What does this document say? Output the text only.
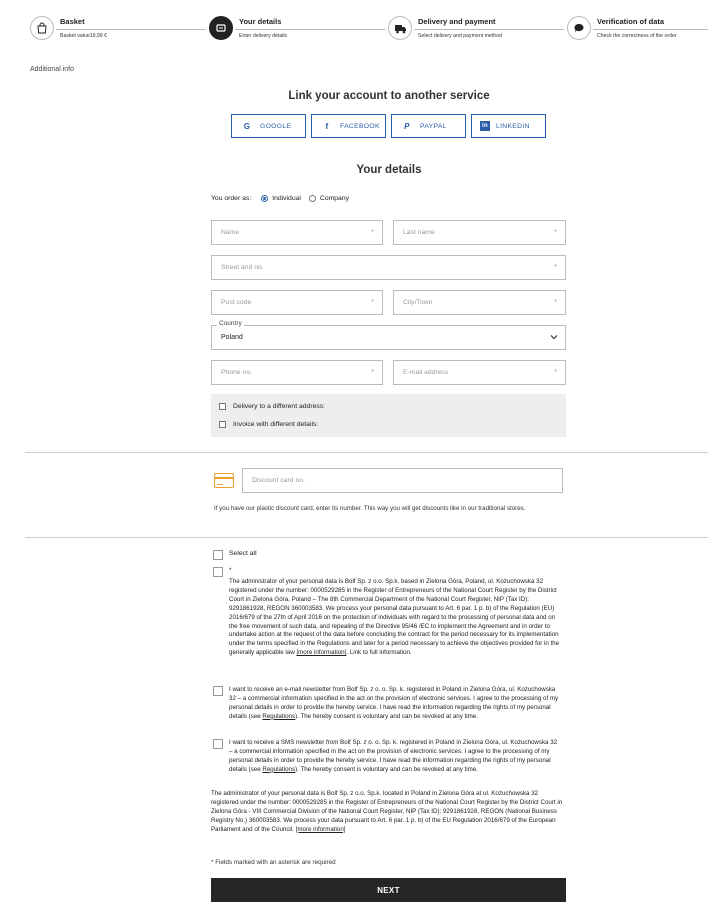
Basket
Basket value19,99 €
Your details
Enter delivery details
Delivery and payment
Select delivery and payment method
Verification of data
Check the correctness of the order
Additional info
Link your account to another service
G	GOOGLE	f	FACEBOOK	P	PAYPAL	in LINKEDIN
Your details
You order as:	Individual	Company
Name	*	Last name	*
Street and no.	*
Post code	*	City/Town	*
Country
Poland
Phone no.	*	E-mail address	*
Delivery to a different address:
Invoice with different details:
Discount card no.
If you have our plastic discount card, enter its number. This way you will get discounts like in our traditional stores.
Select all
*
The administrator of your personal data is Bolf Sp. z o.o. Sp.k. based in Zielona Góra, Poland, ul. Kożuchowska 32 registered under the number: 0000529285 in the Register of Entrepreneurs of the National Court Register by the District Court in Zielona Góra, Poland – The 8th Commercial Department of the National Court Register, NIP (Tax ID): 9291861928, REGON 360003583. We process your personal data pursuant to Art. 6 par. 1 p. b) of the Regulation (EU) 2016/679 of the 27th of April 2016 on the protection of individuals with regard to the processing of personal data and on the free movement of such data, and repealing of the Directive 95/46 /EC to implement the Agreement and in order to undertake action at the request of the data before concluding the contract for the period necessary for its implementation under the terms specified in the Regulations and later for a period necessary to achieve the objectives provided for in the generally applicable law [more information]. Link to full information.
I want to receive an e-mail newsletter from Bolf Sp. z o. o. Sp. k. registered in Poland in Zielona Góra, ul. Kożuchowska 32 – a commercial information specified in the act on the provision of electronic services. I agree to the processing of my personal details in order to provide the hereby service. I have read the information regarding the rights of my personal details (see Regulations). The hereby consent is voluntary and can be revoked at any time.
I want to receive a SMS newsletter from Bolf Sp. z o. o. Sp. k. registered in Poland in Zielona Góra, ul. Kożuchowska 32 – a commercial information specified in the act on the provision of electronic services. I agree to the processing of my personal details in order to provide the hereby service. I have read the information regarding the rights of my personal details (see Regulations). The hereby consent is voluntary and can be revoked at any time.
The administrator of your personal data is Bolf Sp. z o.o. Sp.k. located in Poland in Zielona Góra at ul. Kożuchowska 32 registered under the number: 0000529285 in the Register of Entrepreneurs of the National Court Register by the District Court in Zielona Góra - VIII Commercial Division of the National Court Register, NIP (Tax ID): 9291861928, REGON (National Business Registry No.) 360003583. We process your data pursuant to Art. 6 par. 1 p. b) of the EU Regulation 2016/679 of the European Parliament and of the Council. [more information]
* Fields marked with an asterisk are required
NEXT
